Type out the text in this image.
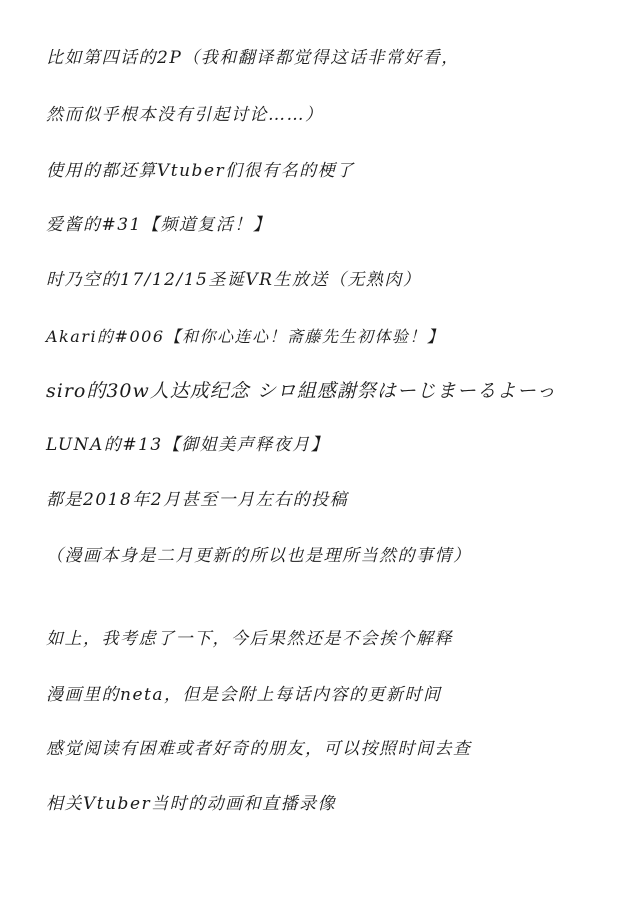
比如第四话的2P（我和翻译都觉得这话非常好看，
然而似乎根本没有引起讨论……）
使用的都还算Vtuber们很有名的梗了
爱酱的#31【频道复活！】
时乃空的17/12/15圣诞VR生放送（无熟肉）
Akari的#006【和你心连心！斋藤先生初体验！】
siro的30w人达成纪念 シロ組感謝祭はーじまーるよーっ
LUNA的#13【御姐美声释夜月】
都是2018年2月甚至一月左右的投稿
（漫画本身是二月更新的所以也是理所当然的事情）
如上，我考虑了一下，今后果然还是不会挨个解释
漫画里的neta，但是会附上每话内容的更新时间
感觉阅读有困难或者好奇的朋友，可以按照时间去查
相关Vtuber当时的动画和直播录像
